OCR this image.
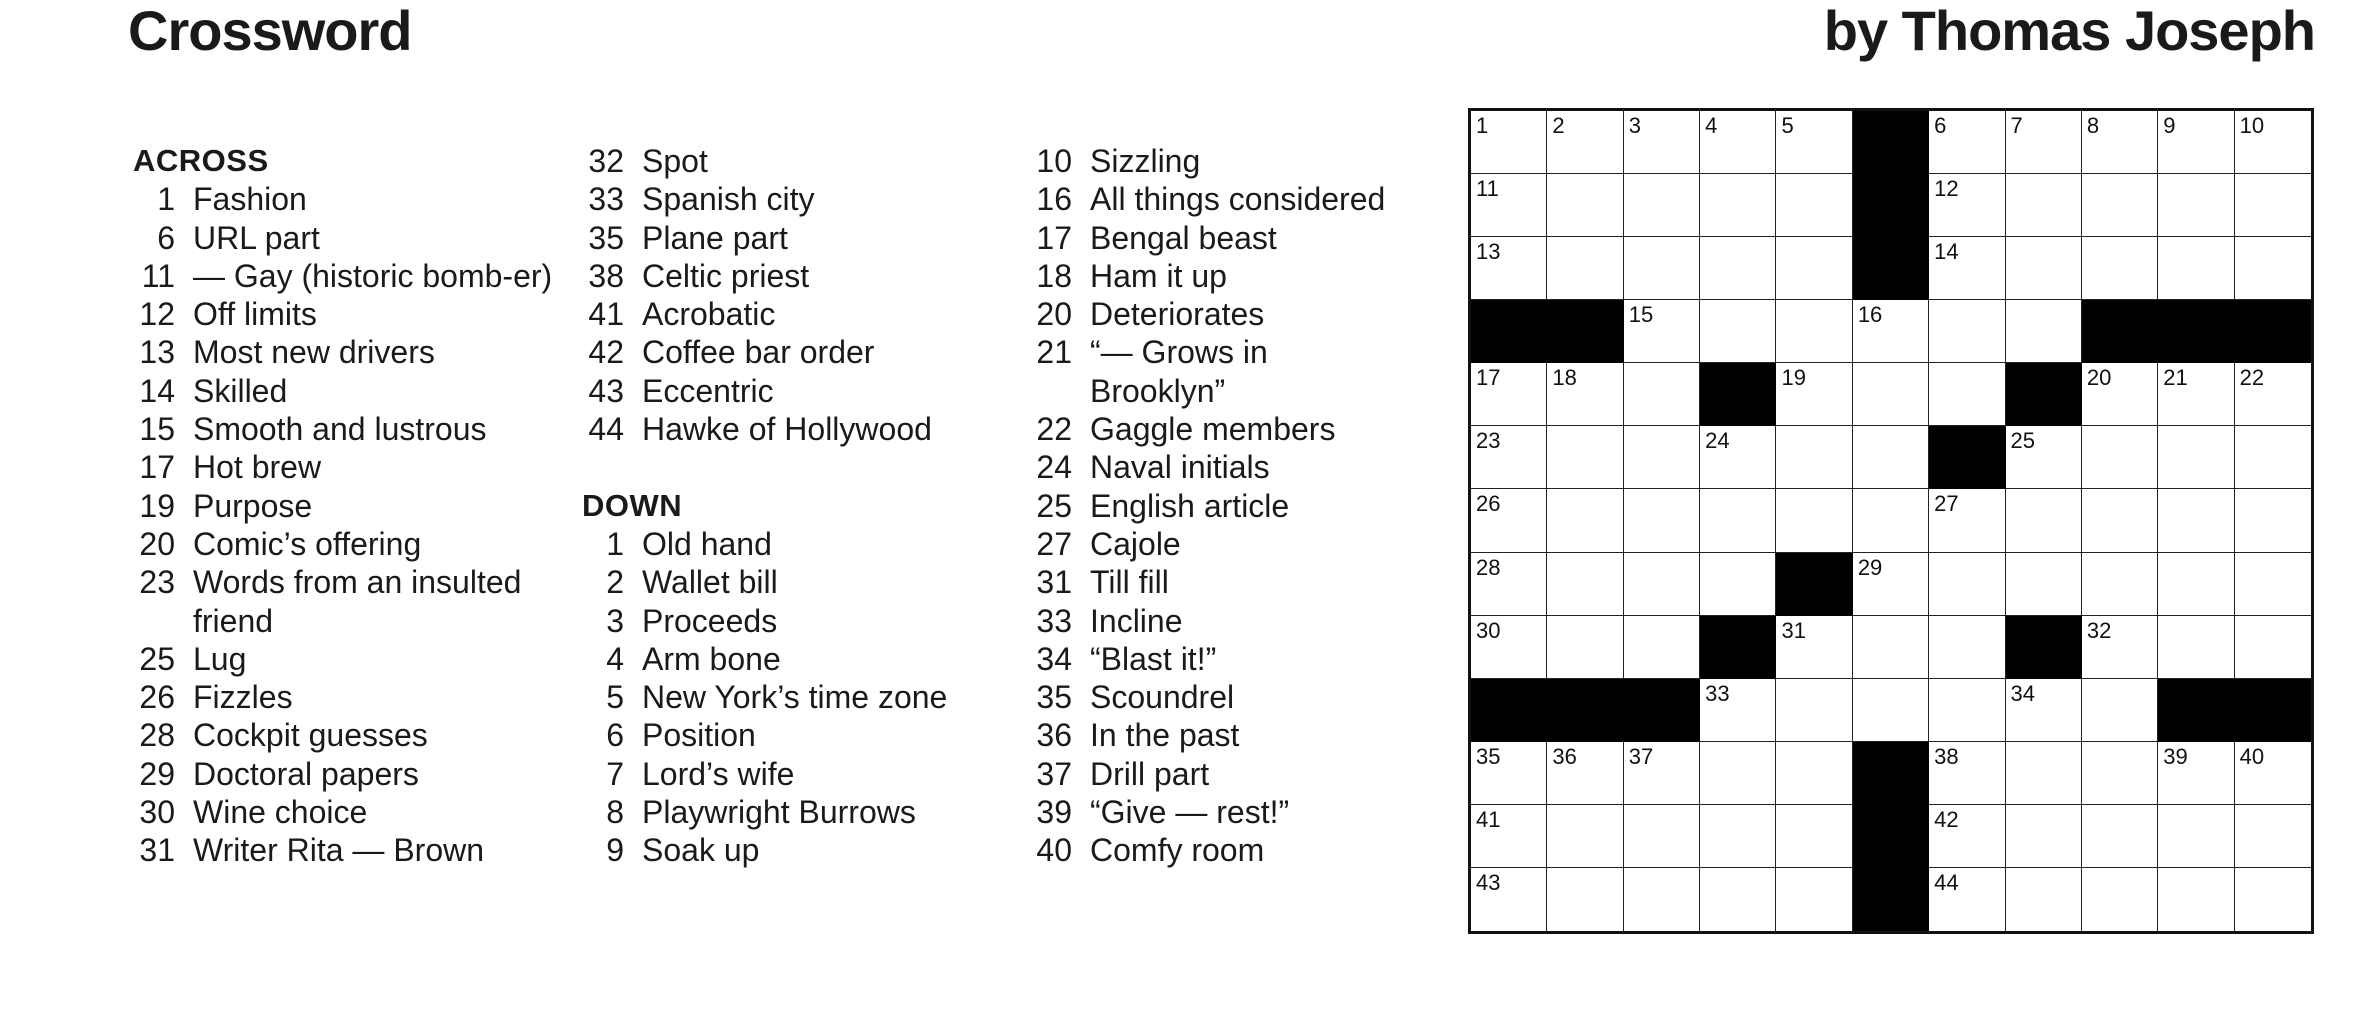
Crossword	by Thomas Joseph
ACROSS
1 Fashion
6 URL part
11 — Gay (historic bomb-er)
12 Off limits
13 Most new drivers
14 Skilled
15 Smooth and lustrous
17 Hot brew
19 Purpose
20 Comic’s offering
23 Words from an insulted friend
25 Lug
26 Fizzles
28 Cockpit guesses
29 Doctoral papers
30 Wine choice
31 Writer Rita — Brown
32 Spot
33 Spanish city
35 Plane part
38 Celtic priest
41 Acrobatic
42 Coffee bar order
43 Eccentric
44 Hawke of Hollywood
DOWN
1 Old hand
2 Wallet bill
3 Proceeds
4 Arm bone
5 New York’s time zone
6 Position
7 Lord’s wife
8 Playwright Burrows
9 Soak up
10 Sizzling
16 All things considered
17 Bengal beast
18 Ham it up
20 Deteriorates
21 “— Grows in Brooklyn”
22 Gaggle members
24 Naval initials
25 English article
27 Cajole
31 Till fill
33 Incline
34 “Blast it!”
35 Scoundrel
36 In the past
37 Drill part
39 “Give — rest!”
40 Comfy room
1	2	3	4	5	6	7	8	9	10
11	12
13	14
15	16
17 18	19	20 21 22
23	24	25
26	27
28	29
30	31	32
33	34
35 36 37	38	39 40
41	42
43	44
